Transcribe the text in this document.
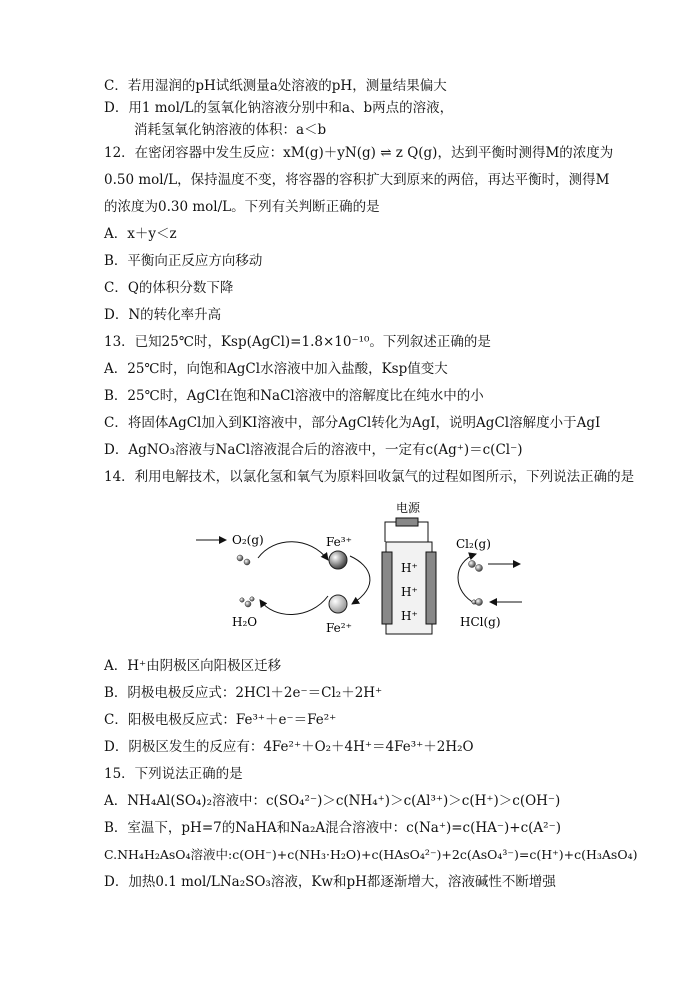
C．若用湿润的pH试纸测量a处溶液的pH，测量结果偏大
D．用1 mol/L的氢氧化钠溶液分别中和a、b两点的溶液，
消耗氢氧化钠溶液的体积：a＜b
12．在密闭容器中发生反应：xM(g)＋yN(g) ⇌ z Q(g)，达到平衡时测得M的浓度为
0.50 mol/L，保持温度不变，将容器的容积扩大到原来的两倍，再达平衡时，测得M
的浓度为0.30 mol/L。下列有关判断正确的是
A．x＋y＜z
B．平衡向正反应方向移动
C．Q的体积分数下降
D．N的转化率升高
13．已知25℃时，Ksp(AgCl)=1.8×10⁻¹⁰。下列叙述正确的是
A．25℃时，向饱和AgCl水溶液中加入盐酸，Ksp值变大
B．25℃时，AgCl在饱和NaCl溶液中的溶解度比在纯水中的小
C．将固体AgCl加入到KI溶液中，部分AgCl转化为AgI，说明AgCl溶解度小于AgI
D．AgNO₃溶液与NaCl溶液混合后的溶液中，一定有c(Ag⁺)＝c(Cl⁻)
14．利用电解技术，以氯化氢和氧气为原料回收氯气的过程如图所示，下列说法正确的是
电源
H⁺
H⁺
H⁺
O₂(g)
H₂O
Fe³⁺
Fe²⁺
Cl₂(g)
HCl(g)
A．H⁺由阴极区向阳极区迁移
B．阴极电极反应式：2HCl＋2e⁻＝Cl₂＋2H⁺
C．阳极电极反应式：Fe³⁺＋e⁻＝Fe²⁺
D．阴极区发生的反应有：4Fe²⁺＋O₂＋4H⁺＝4Fe³⁺＋2H₂O
15．下列说法正确的是
A．NH₄Al(SO₄)₂溶液中：c(SO₄²⁻)＞c(NH₄⁺)＞c(Al³⁺)＞c(H⁺)＞c(OH⁻)
B．室温下，pH=7的NaHA和Na₂A混合溶液中：c(Na⁺)=c(HA⁻)+c(A²⁻)
C.NH₄H₂AsO₄溶液中:c(OH⁻)+c(NH₃·H₂O)+c(HAsO₄²⁻)+2c(AsO₄³⁻)=c(H⁺)+c(H₃AsO₄)
D．加热0.1 mol/LNa₂SO₃溶液，Kw和pH都逐渐增大，溶液碱性不断增强
